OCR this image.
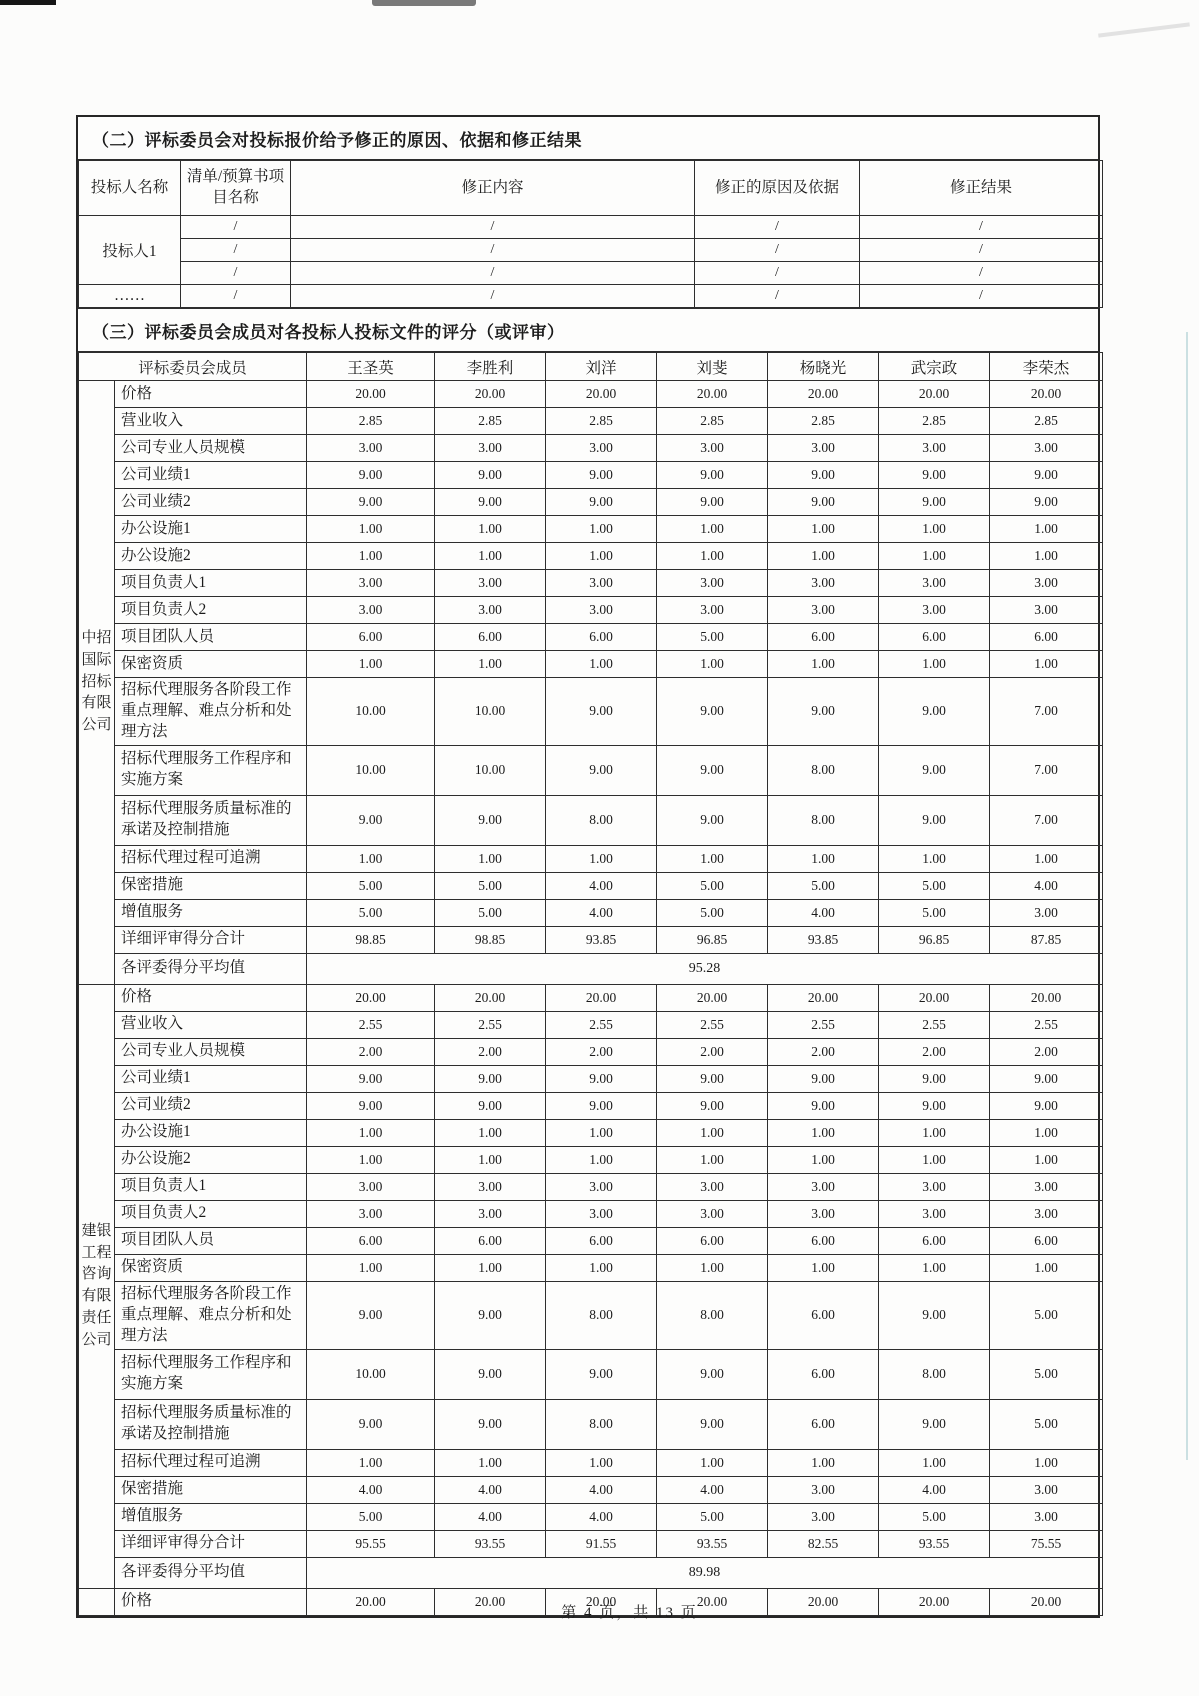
（二）评标委员会对投标报价给予修正的原因、依据和修正结果
投标人名称	清单/预算书项目名称	修正内容	修正的原因及依据	修正结果
投标人1	/	/	/	/
	/	/	/	/
	/	/	/	/
……	/	/	/	/
（三）评标委员会成员对各投标人投标文件的评分（或评审）
评标委员会成员		王圣英	李胜利	刘洋	刘斐	杨晓光	武宗政	李荣杰
中招国际招标有限公司	价格	20.00	20.00	20.00	20.00	20.00	20.00	20.00
	营业收入	2.85	2.85	2.85	2.85	2.85	2.85	2.85
	公司专业人员规模	3.00	3.00	3.00	3.00	3.00	3.00	3.00
	公司业绩1	9.00	9.00	9.00	9.00	9.00	9.00	9.00
	公司业绩2	9.00	9.00	9.00	9.00	9.00	9.00	9.00
	办公设施1	1.00	1.00	1.00	1.00	1.00	1.00	1.00
	办公设施2	1.00	1.00	1.00	1.00	1.00	1.00	1.00
	项目负责人1	3.00	3.00	3.00	3.00	3.00	3.00	3.00
	项目负责人2	3.00	3.00	3.00	3.00	3.00	3.00	3.00
	项目团队人员	6.00	6.00	6.00	5.00	6.00	6.00	6.00
	保密资质	1.00	1.00	1.00	1.00	1.00	1.00	1.00
	招标代理服务各阶段工作重点理解、难点分析和处理方法	10.00	10.00	9.00	9.00	9.00	9.00	7.00
	招标代理服务工作程序和实施方案	10.00	10.00	9.00	9.00	8.00	9.00	7.00
	招标代理服务质量标准的承诺及控制措施	9.00	9.00	8.00	9.00	8.00	9.00	7.00
	招标代理过程可追溯	1.00	1.00	1.00	1.00	1.00	1.00	1.00
	保密措施	5.00	5.00	4.00	5.00	5.00	5.00	4.00
	增值服务	5.00	5.00	4.00	5.00	4.00	5.00	3.00
	详细评审得分合计	98.85	98.85	93.85	96.85	93.85	96.85	87.85
	各评委得分平均值	95.28						
建银工程咨询有限责任公司	价格	20.00	20.00	20.00	20.00	20.00	20.00	20.00
	营业收入	2.55	2.55	2.55	2.55	2.55	2.55	2.55
	公司专业人员规模	2.00	2.00	2.00	2.00	2.00	2.00	2.00
	公司业绩1	9.00	9.00	9.00	9.00	9.00	9.00	9.00
	公司业绩2	9.00	9.00	9.00	9.00	9.00	9.00	9.00
	办公设施1	1.00	1.00	1.00	1.00	1.00	1.00	1.00
	办公设施2	1.00	1.00	1.00	1.00	1.00	1.00	1.00
	项目负责人1	3.00	3.00	3.00	3.00	3.00	3.00	3.00
	项目负责人2	3.00	3.00	3.00	3.00	3.00	3.00	3.00
	项目团队人员	6.00	6.00	6.00	6.00	6.00	6.00	6.00
	保密资质	1.00	1.00	1.00	1.00	1.00	1.00	1.00
	招标代理服务各阶段工作重点理解、难点分析和处理方法	9.00	9.00	8.00	8.00	6.00	9.00	5.00
	招标代理服务工作程序和实施方案	10.00	9.00	9.00	9.00	6.00	8.00	5.00
	招标代理服务质量标准的承诺及控制措施	9.00	9.00	8.00	9.00	6.00	9.00	5.00
	招标代理过程可追溯	1.00	1.00	1.00	1.00	1.00	1.00	1.00
	保密措施	4.00	4.00	4.00	4.00	3.00	4.00	3.00
	增值服务	5.00	4.00	4.00	5.00	3.00	5.00	3.00
	详细评审得分合计	95.55	93.55	91.55	93.55	82.55	93.55	75.55
	各评委得分平均值	89.98						
	价格	20.00	20.00	20.00	20.00	20.00	20.00	20.00
第 4 页，共 13 页
